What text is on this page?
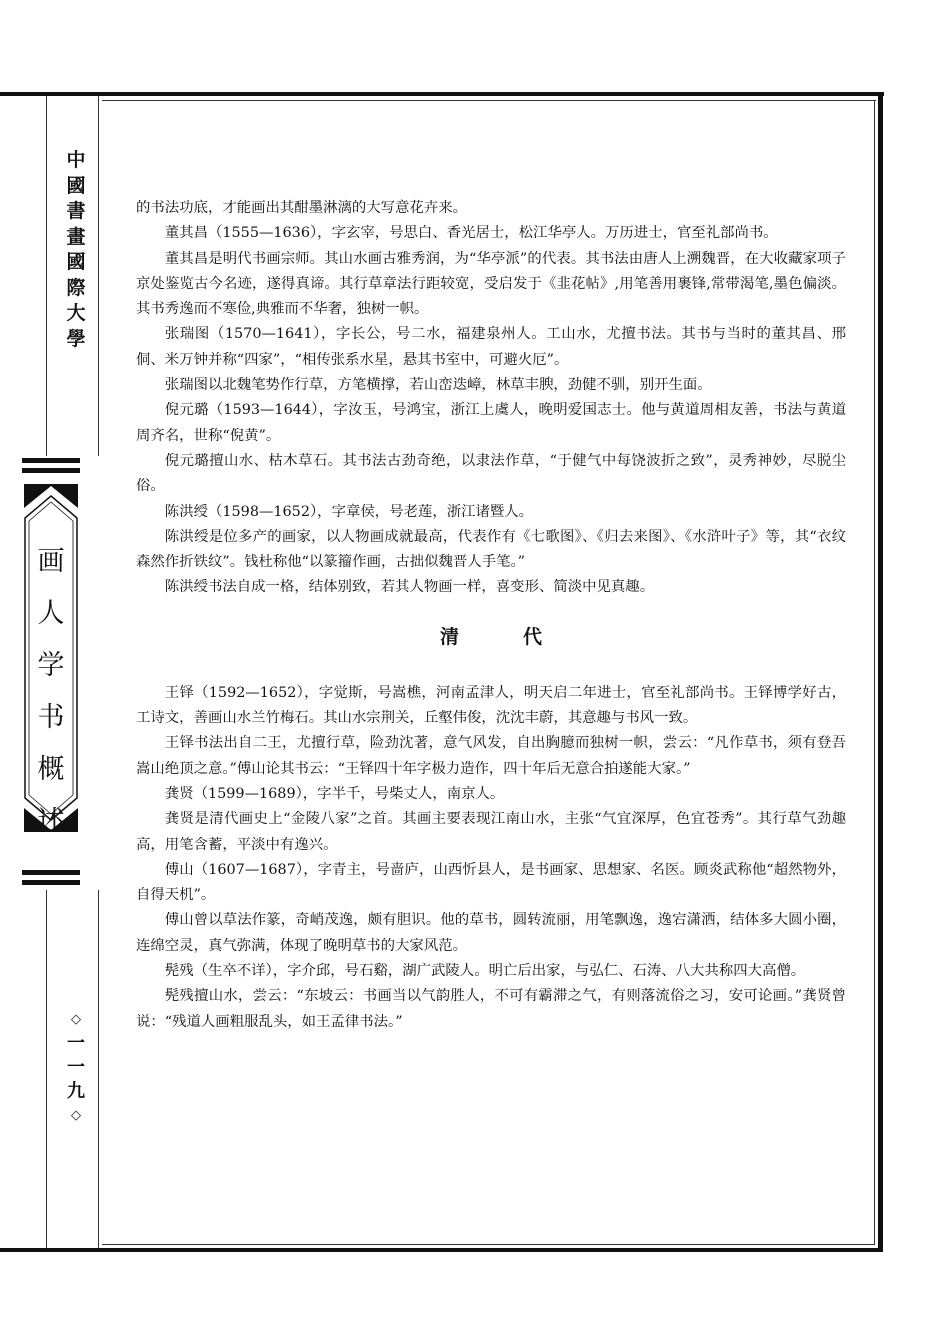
中
國
書
畫
國
際
大
學
画
人
学
书
概
述
◇
一
一
九
◇

的书法功底，才能画出其酣墨淋漓的大写意花卉来。

董其昌（1555—1636），字玄宰，号思白、香光居士，松江华亭人。万历进士，官至礼部尚书。

董其昌是明代书画宗师。其山水画古雅秀润，为“华亭派”的代表。其书法由唐人上溯魏晋，在大收藏家项子京处鉴览古今名迹，遂得真谛。其行草章法行距较宽，受启发于《韭花帖》,用笔善用裹锋,常带渴笔,墨色偏淡。其书秀逸而不寒俭,典雅而不华奢，独树一帜。

张瑞图（1570—1641），字长公，号二水，福建泉州人。工山水，尤擅书法。其书与当时的董其昌、邢侗、米万钟并称“四家”，“相传张系水星，悬其书室中，可避火厄”。

张瑞图以北魏笔势作行草，方笔横撑，若山峦迭嶂，林草丰腴，劲健不驯，别开生面。

倪元璐（1593—1644），字汝玉，号鸿宝，浙江上虞人，晚明爱国志士。他与黄道周相友善，书法与黄道周齐名，世称“倪黄”。

倪元璐擅山水、枯木草石。其书法古劲奇绝，以隶法作草，“于健气中每饶波折之致”，灵秀神妙，尽脱尘俗。

陈洪绶（1598—1652），字章侯，号老莲，浙江诸暨人。

陈洪绶是位多产的画家，以人物画成就最高，代表作有《七歌图》、《归去来图》、《水浒叶子》等，其“衣纹森然作折铁纹”。钱杜称他“以篆籀作画，古拙似魏晋人手笔。”

陈洪绶书法自成一格，结体别致，若其人物画一样，喜变形、简淡中见真趣。

清	代

王铎（1592—1652），字觉斯，号嵩樵，河南孟津人，明天启二年进士，官至礼部尚书。王铎博学好古，工诗文，善画山水兰竹梅石。其山水宗荆关，丘壑伟俊，沈沈丰蔚，其意趣与书风一致。

王铎书法出自二王，尤擅行草，险劲沈著，意气风发，自出胸臆而独树一帜，尝云：“凡作草书，须有登吾嵩山绝顶之意。”傅山论其书云：“王铎四十年字极力造作，四十年后无意合拍遂能大家。”

龚贤（1599—1689），字半千，号柴丈人，南京人。

龚贤是清代画史上“金陵八家”之首。其画主要表现江南山水，主张“气宜深厚，色宜苍秀”。其行草气劲趣高，用笔含蓄，平淡中有逸兴。

傅山（1607—1687），字青主，号啬庐，山西忻县人，是书画家、思想家、名医。顾炎武称他“超然物外，自得天机”。

傅山曾以草法作篆，奇峭茂逸，颇有胆识。他的草书，圆转流丽，用笔飘逸，逸宕潇洒，结体多大圆小圈，连绵空灵，真气弥满，体现了晚明草书的大家风范。

髡残（生卒不详），字介邱，号石谿，湖广武陵人。明亡后出家，与弘仁、石涛、八大共称四大高僧。

髡残擅山水，尝云：“东坡云：书画当以气韵胜人，不可有霸滞之气，有则落流俗之习，安可论画。”龚贤曾说：“残道人画粗服乱头，如王孟律书法。”
